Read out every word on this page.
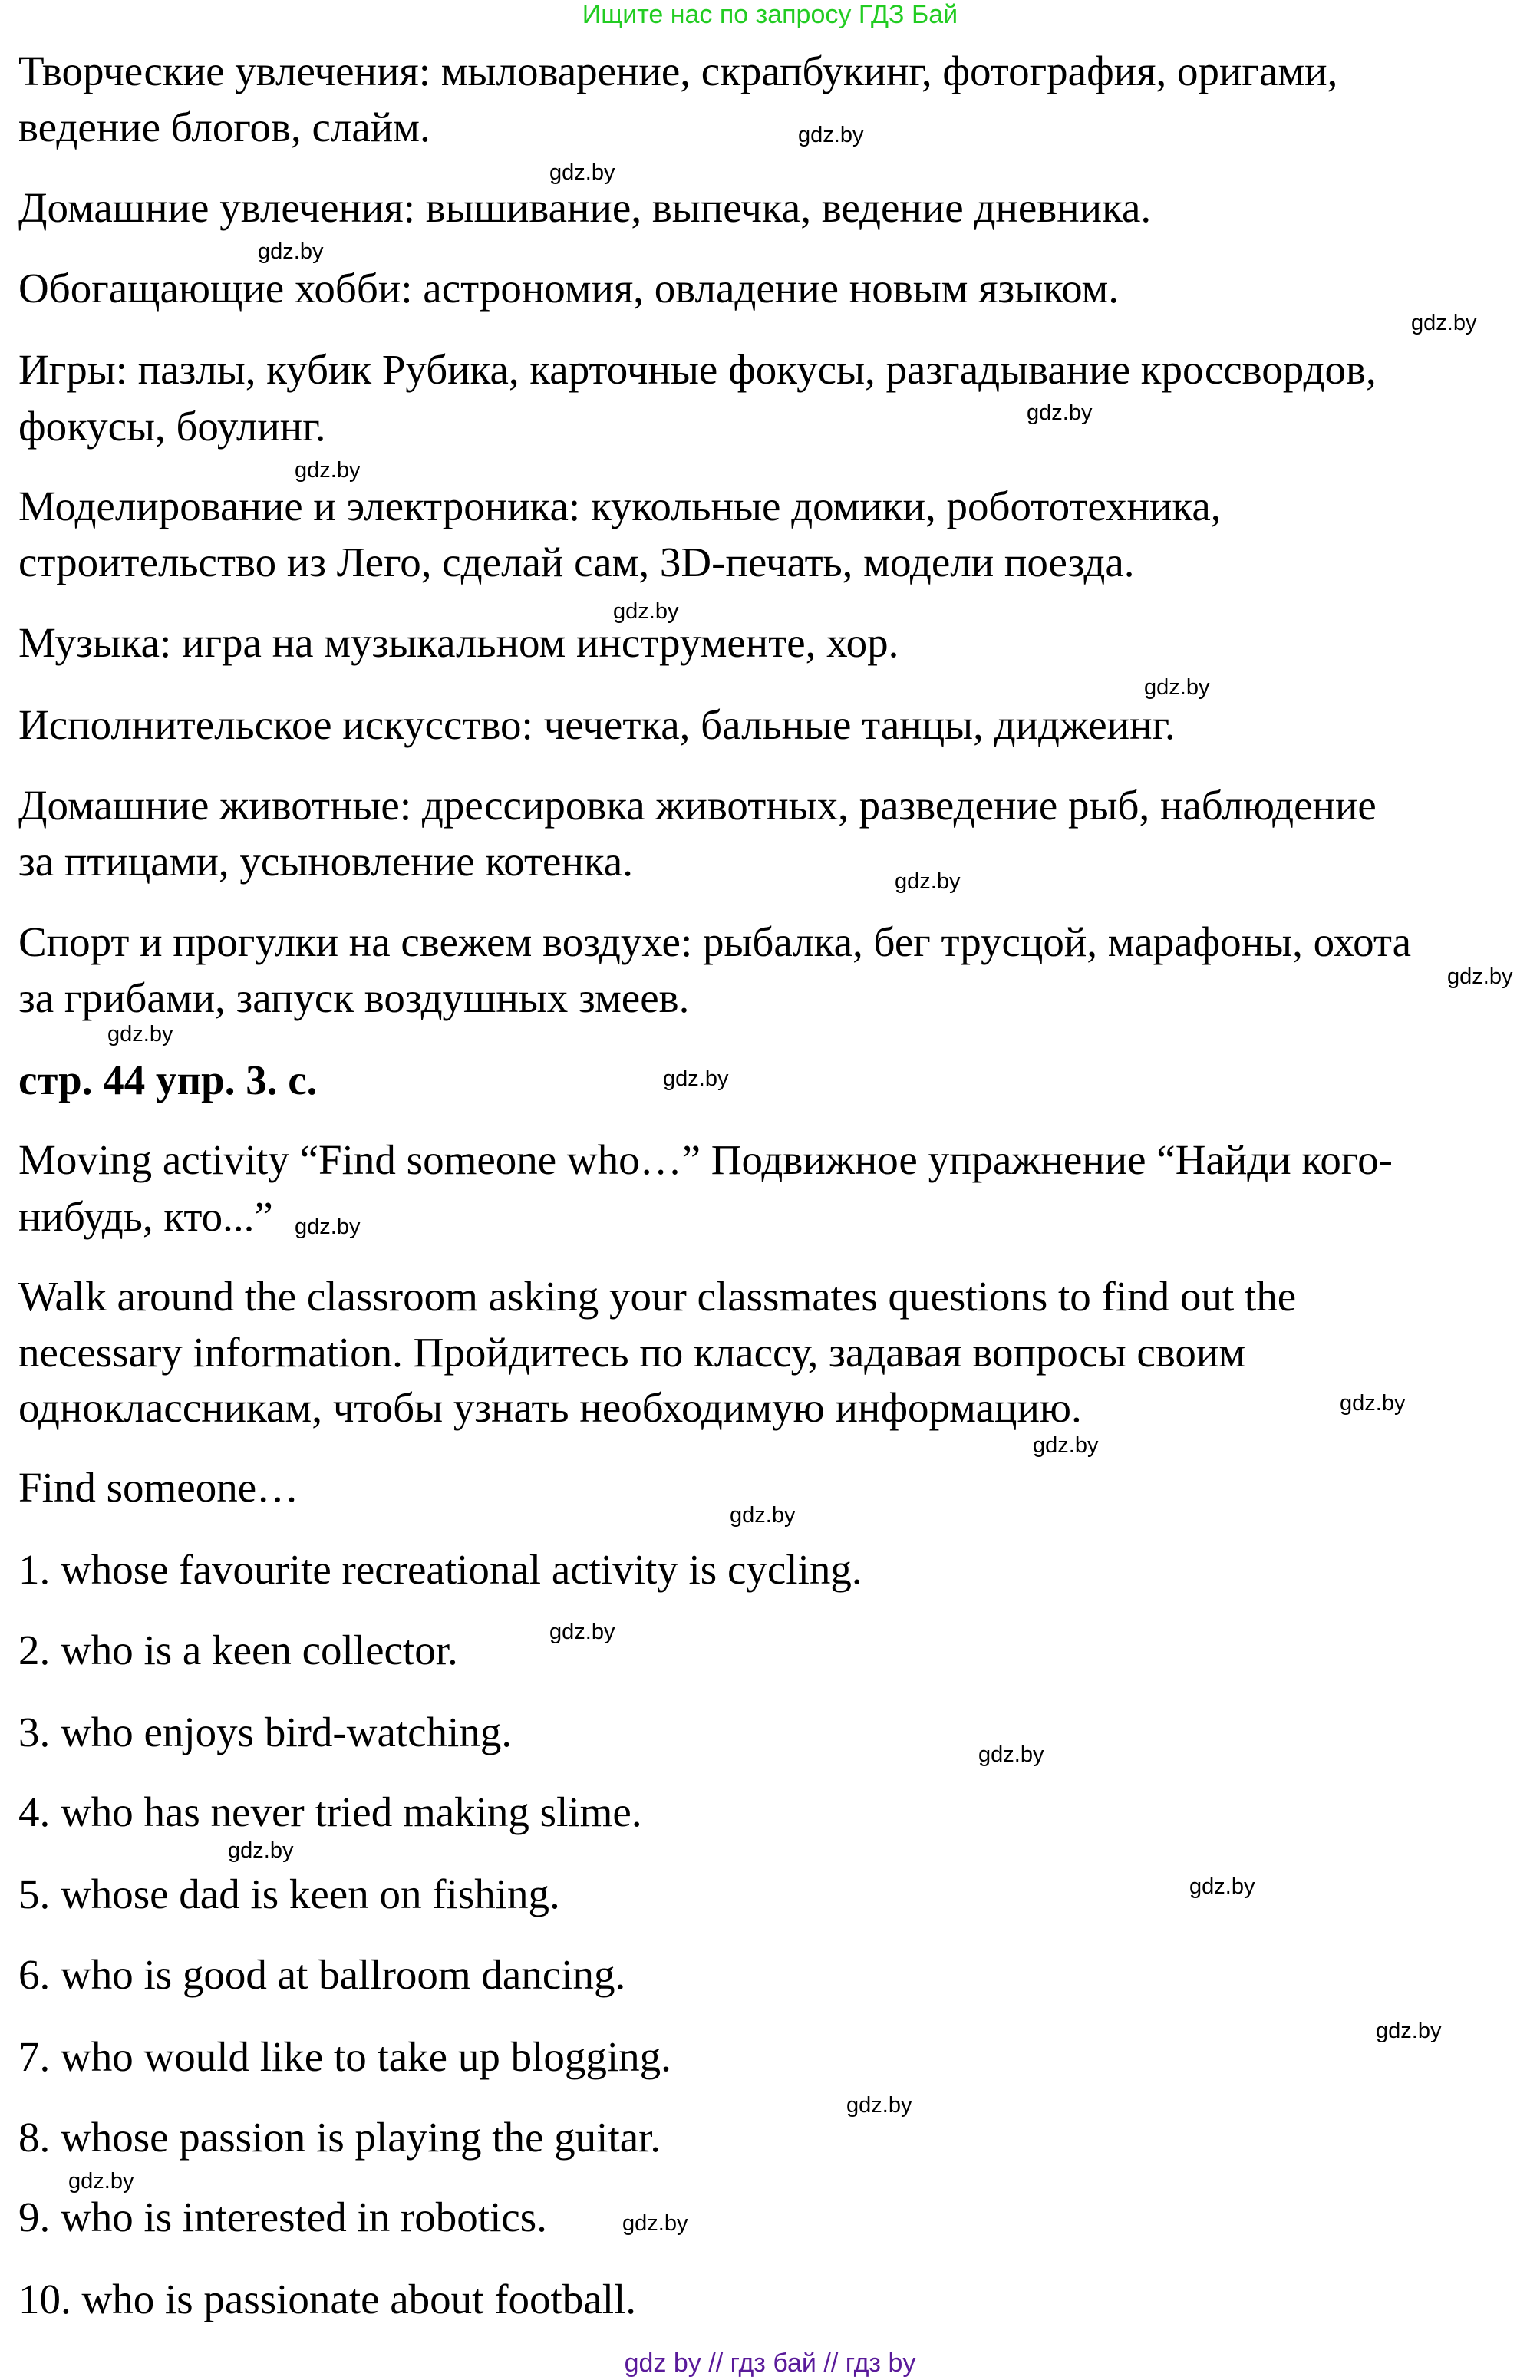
Ищите нас по запросу ГДЗ Бай
Творческие увлечения: мыловарение, скрапбукинг, фотография, оригами,
ведение блогов, слайм.
Домашние увлечения: вышивание, выпечка, ведение дневника.
Обогащающие хобби: астрономия, овладение новым языком.
Игры: пазлы, кубик Рубика, карточные фокусы, разгадывание кроссвордов,
фокусы, боулинг.
Моделирование и электроника: кукольные домики, робототехника,
строительство из Лего, сделай сам, 3D-печать, модели поезда.
Музыка: игра на музыкальном инструменте, хор.
Исполнительское искусство: чечетка, бальные танцы, диджеинг.
Домашние животные: дрессировка животных, разведение рыб, наблюдение
за птицами, усыновление котенка.
Спорт и прогулки на свежем воздухе: рыбалка, бег трусцой, марафоны, охота
за грибами, запуск воздушных змеев.
стр. 44 упр. 3. c.
Moving activity “Find someone who…” Подвижное упражнение “Найди кого-
нибудь, кто...”
Walk around the classroom asking your classmates questions to find out the
necessary information. Пройдитесь по классу, задавая вопросы своим
одноклассникам, чтобы узнать необходимую информацию.
Find someone…
1. whose favourite recreational activity is cycling.
2. who is a keen collector.
3. who enjoys bird-watching.
4. who has never tried making slime.
5. whose dad is keen on fishing.
6. who is good at ballroom dancing.
7. who would like to take up blogging.
8. whose passion is playing the guitar.
9. who is interested in robotics.
10. who is passionate about football.
gdz.by
gdz.by
gdz.by
gdz.by
gdz.by
gdz.by
gdz.by
gdz.by
gdz.by
gdz.by
gdz.by
gdz.by
gdz.by
gdz.by
gdz.by
gdz.by
gdz.by
gdz.by
gdz.by
gdz.by
gdz.by
gdz.by
gdz.by
gdz.by
gdz by // гдз бай // гдз by
